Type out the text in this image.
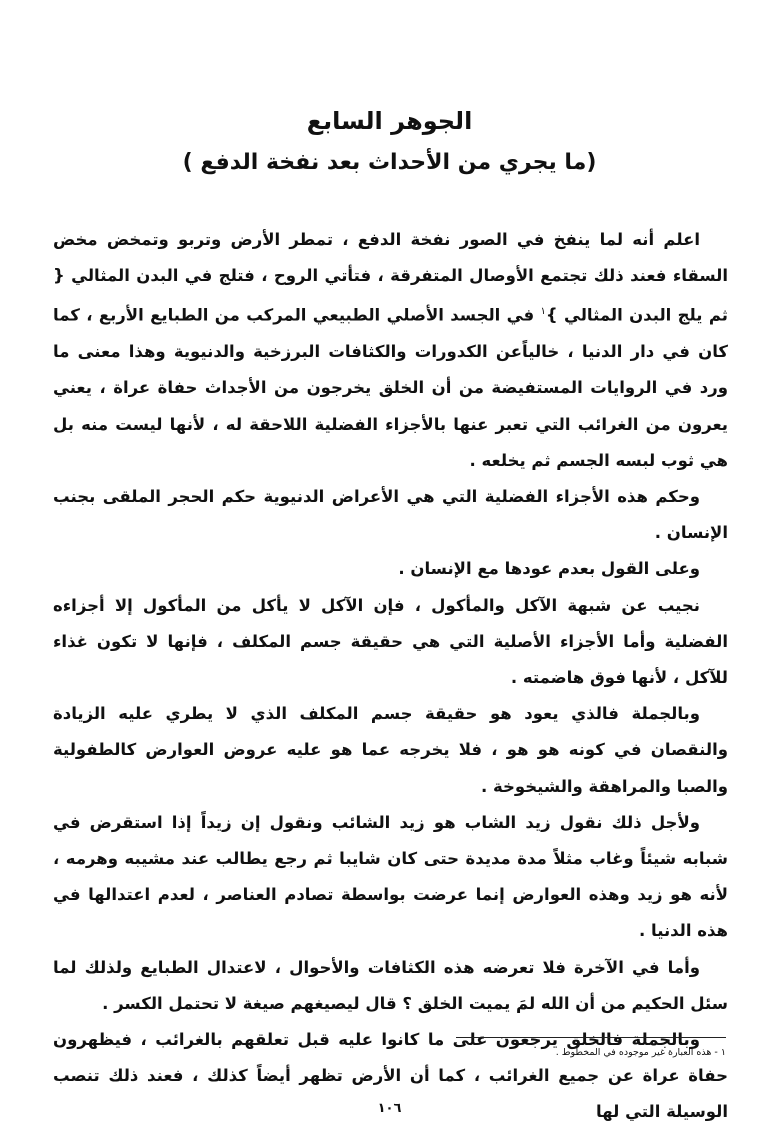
الجوهر السابع
(ما يجري من الأحداث بعد نفخة الدفع )

اعلم أنه لما ينفخ في الصور نفخة الدفع ، تمطر الأرض وتربو وتمخض مخض السقاء فعند ذلك تجتمع الأوصال المتفرقة ، فتأتي الروح ، فتلج في البدن المثالي { ثم يلج البدن المثالي }$^١$ في الجسد الأصلي الطبيعي المركب من الطبايع الأربع ، كما كان في دار الدنيا ، خالياًعن الكدورات والكثافات البرزخية والدنيوية وهذا معنى ما ورد في الروايات المستفيضة من أن الخلق يخرجون من الأجداث حفاة عراة ، يعني يعرون من الغرائب التي تعبر عنها بالأجزاء الفضلية اللاحقة له ، لأنها ليست منه بل هي ثوب لبسه الجسم ثم يخلعه .

وحكم هذه الأجزاء الفضلية التي هي الأعراض الدنيوية حكم الحجر الملقى بجنب الإنسان .

وعلى القول بعدم عودها مع الإنسان .

نجيب عن شبهة الآكل والمأكول ، فإن الآكل لا يأكل من المأكول إلا أجزاءه الفضلية وأما الأجزاء الأصلية التي هي حقيقة جسم المكلف ، فإنها لا تكون غذاء للآكل ، لأنها فوق هاضمته .

وبالجملة فالذي يعود هو حقيقة جسم المكلف الذي لا يطري عليه الزيادة والنقصان في كونه هو هو ، فلا يخرجه عما هو عليه عروض العوارض كالطفولية والصبا والمراهقة والشيخوخة .

ولأجل ذلك نقول زيد الشاب هو زيد الشائب ونقول إن زيداً إذا استقرض في شبابه شيئاً وغاب مثلاً مدة مديدة حتى كان شايبا ثم رجع يطالب عند مشيبه وهرمه ، لأنه هو زيد وهذه العوارض إنما عرضت بواسطة تصادم العناصر ، لعدم اعتدالها في هذه الدنيا .

وأما في الآخرة فلا تعرضه هذه الكثافات والأحوال ، لاعتدال الطبايع ولذلك لما سئل الحكيم من أن الله لمَ يميت الخلق ؟ قال ليصيغهم صيغة لا تحتمل الكسر .

وبالجملة فالخلق يرجعون على ما كانوا عليه قبل تعلقهم بالغرائب ، فيظهرون حفاة عراة عن جميع الغرائب ، كما أن الأرض تظهر أيضاً كذلك ، فعند ذلك تنصب الوسيلة التي لها

١ - هذه العبارة غير موجوده في المخطوط .
١٠٦
